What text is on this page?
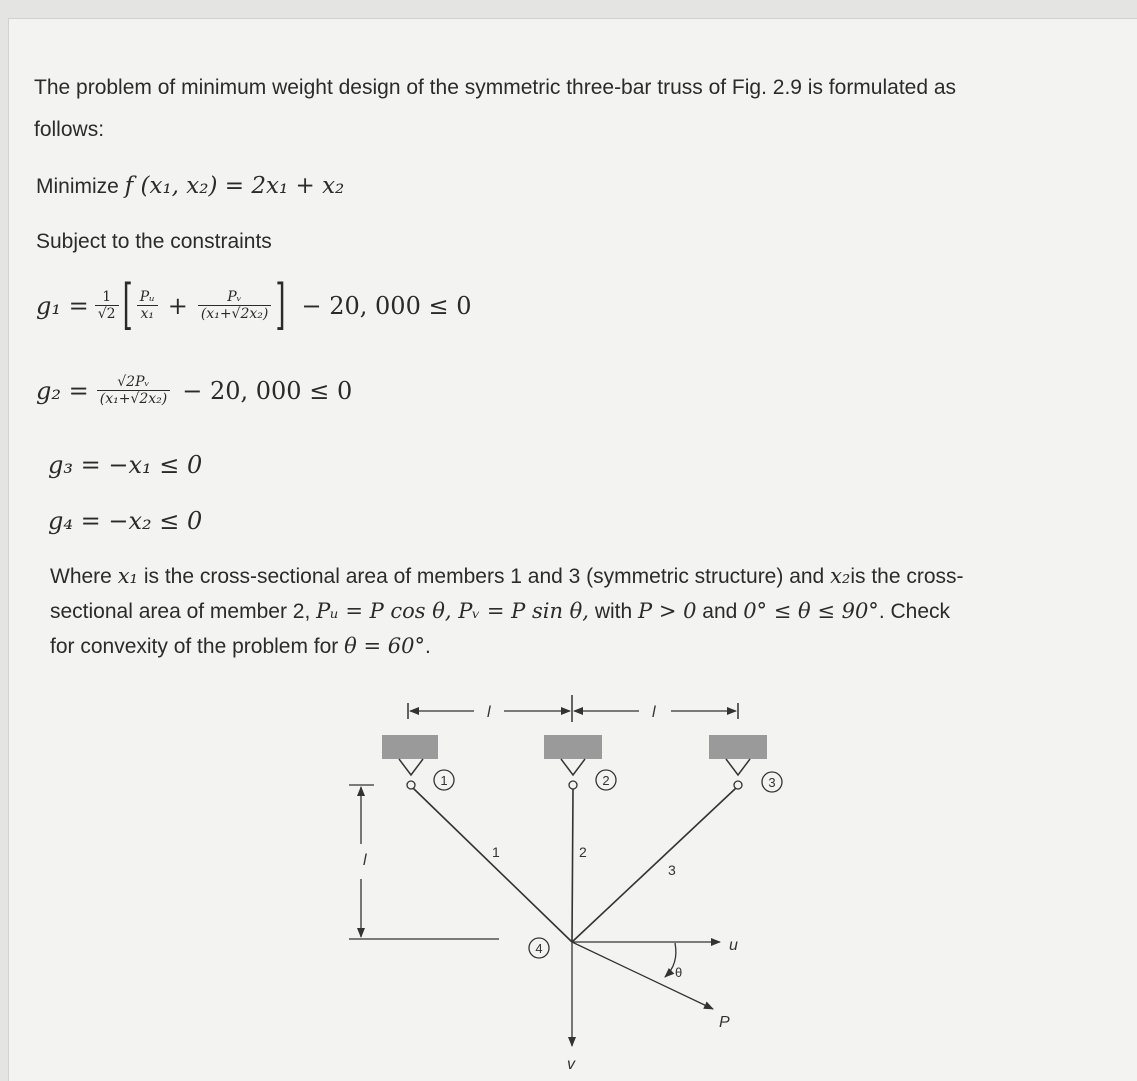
The problem of minimum weight design of the symmetric three-bar truss of Fig. 2.9 is formulated as
follows:
Minimize f (x₁, x₂) = 2x₁ + x₂
Subject to the constraints
$g_1 = \frac{1}{√2}$ [ $\frac{\text{Pᵤ}}{\text{x₁}} + \frac{\text{Pᵥ}}{\text{(x₁+√2x₂)}}$ ] − 20, 000 ≤ 0
$g_2 = \frac{\text{√2Pᵥ}}{\text{(x₁+√2x₂)}} - 20$, 000 ≤ 0
g₃ = −x₁ ≤ 0
g₄ = −x₂ ≤ 0
Where x₁ is the cross-sectional area of members 1 and 3 (symmetric structure) and x₂is the cross-
sectional area of member 2, Pᵤ = P cos θ, Pᵥ = P sin θ, with P > 0 and 0° ≤ θ ≤ 90°. Check
for convexity of the problem for θ = 60°.
l	l
1	2	3
4
1	2
3
l
u
v
P
θ
